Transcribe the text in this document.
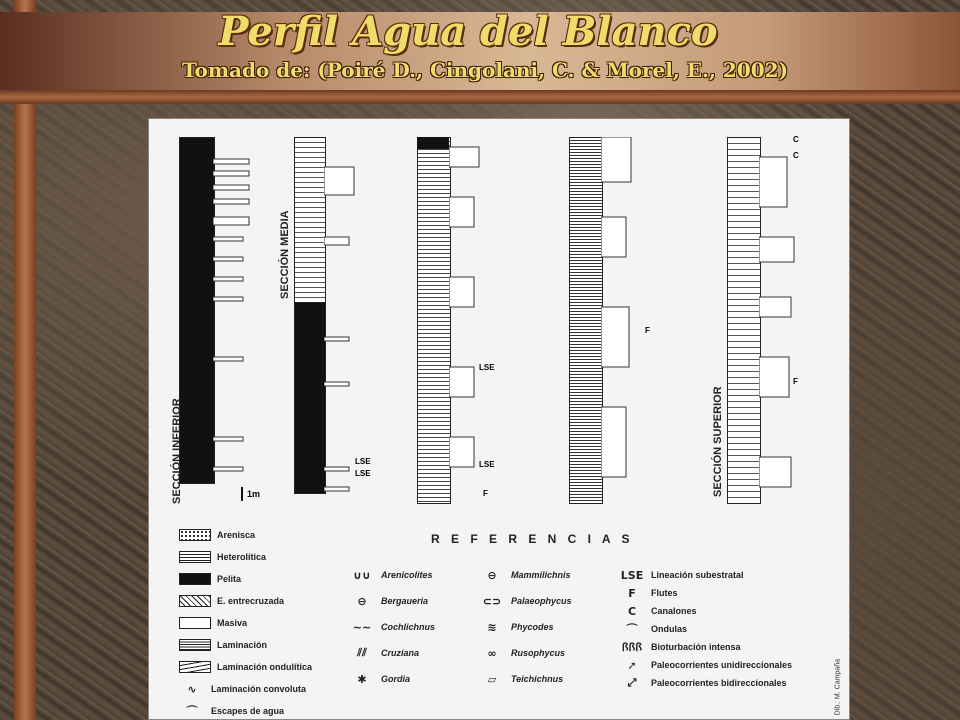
Perfil Agua del Blanco
Tomado de: (Poiré D., Cingolani, C. & Morel, E., 2002)
SECCIÓN INFERIOR	1m
SECCIÓN MEDIA
LSE
LSE
LSE
LSE
F
F
SECCIÓN SUPERIOR
C
C
F
R E F E R E N C I A S
Dib.: M. Campaña
Arenisca
Heterolítica
Pelita
E. entrecruzada
Masiva
Laminación
Laminación ondulítica
∿	Laminación convoluta
⌒	Escapes de agua
∪∪	Arenicolites
⊖	Bergaueria
∼∼	Cochlichnus
⫽⫽	Cruziana
✱	Gordia
⊖	Mammilichnis
⊂⊃	Palaeophycus
≋	Phycodes
∞	Rusophycus
▱	Teichichnus
LSE Lineación subestratal
F	Flutes
C	Canalones
⌒	Ondulas
ꟗꟗꟗ Bioturbación intensa
➚	Paleocorrientes unidireccionales
⤢	Paleocorrientes bidireccionales
